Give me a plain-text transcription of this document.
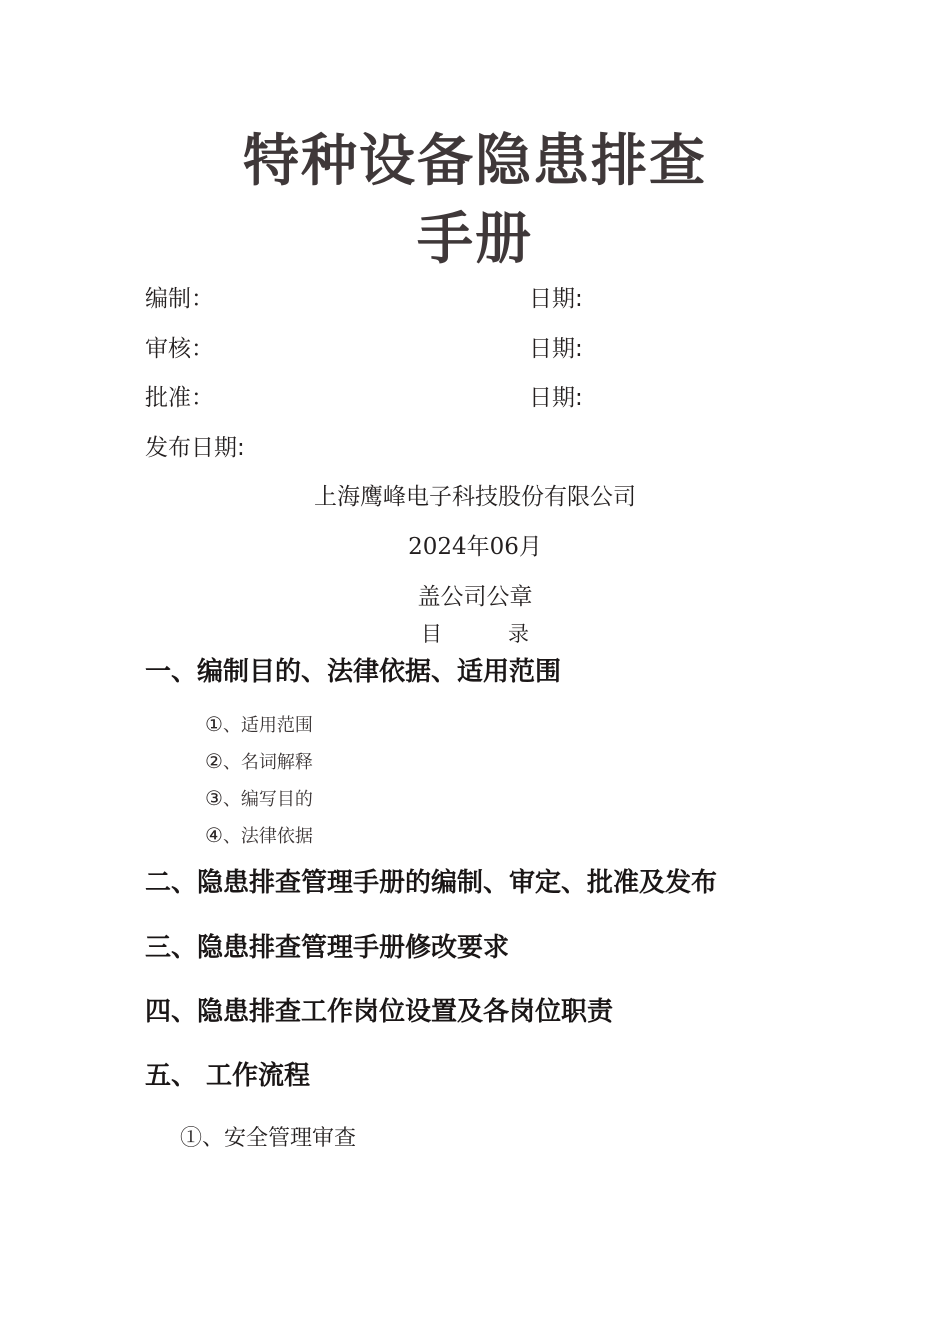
特种设备隐患排查
手册
编制：	日期:
审核：	日期:
批准：	日期:
发布日期:
上海鹰峰电子科技股份有限公司
2024年06月
盖公司公章
目	录
一、编制目的、法律依据、适用范围
①、适用范围
②、名词解释
③、编写目的
④、法律依据
二、隐患排查管理手册的编制、审定、批准及发布
三、隐患排查管理手册修改要求
四、隐患排查工作岗位设置及各岗位职责
五、 工作流程
①、安全管理审查
